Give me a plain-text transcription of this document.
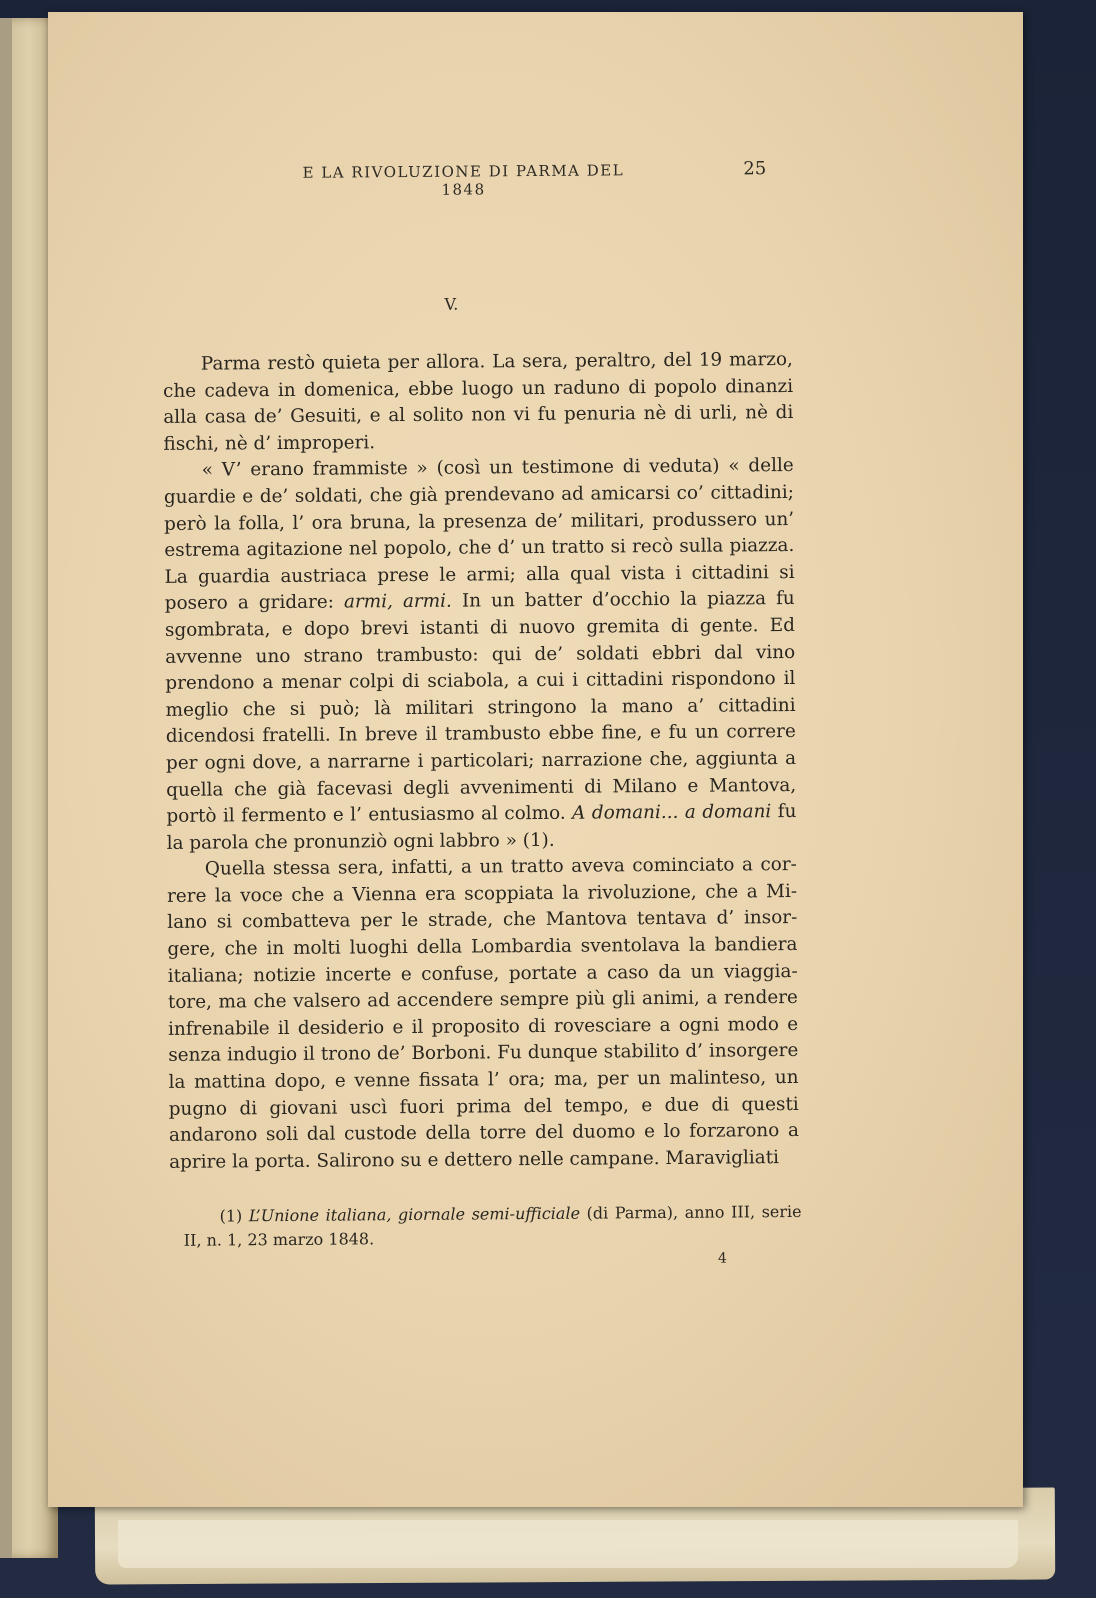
E LA RIVOLUZIONE DI PARMA DEL 1848
25
V.

Parma restò quieta per allora. La sera, peraltro, del 19 marzo, che cadeva in domenica, ebbe luogo un raduno di popolo dinanzi alla casa de’ Gesuiti, e al solito non vi fu penuria nè di urli, nè di fischi, nè d’ improperi.

« V’ erano frammiste » (così un testimone di veduta) « delle guardie e de’ soldati, che già prendevano ad amicarsi co’ cittadini; però la folla, l’ ora bruna, la presenza de’ militari, produssero un’ estrema agitazione nel popolo, che d’ un tratto si recò sulla piazza. La guardia austriaca prese le armi; alla qual vista i cittadini si posero a gridare: armi, armi. In un batter d’occhio la piazza fu sgombrata, e dopo brevi istanti di nuovo gremita di gente. Ed avvenne uno strano trambusto: qui de’ soldati ebbri dal vino prendono a menar colpi di sciabola, a cui i cittadini rispondono il meglio che si può; là militari stringono la mano a’ cittadini dicendosi fratelli. In breve il trambusto ebbe fine, e fu un correre per ogni dove, a narrarne i particolari; narrazione che, aggiunta a quella che già facevasi degli avvenimenti di Milano e Mantova, portò il fermento e l’ entusiasmo al colmo. A domani... a domani fu la parola che pronunziò ogni labbro » (1).

Quella stessa sera, infatti, a un tratto aveva cominciato a correre la voce che a Vienna era scoppiata la rivoluzione, che a Milano si combatteva per le strade, che Mantova tentava d’ insorgere, che in molti luoghi della Lombardia sventolava la bandiera italiana; notizie incerte e confuse, portate a caso da un viaggiatore, ma che valsero ad accendere sempre più gli animi, a rendere infrenabile il desiderio e il proposito di rovesciare a ogni modo e senza indugio il trono de’ Borboni. Fu dunque stabilito d’ insorgere la mattina dopo, e venne fissata l’ ora; ma, per un malinteso, un pugno di giovani uscì fuori prima del tempo, e due di questi andarono soli dal custode della torre del duomo e lo forzarono a aprire la porta. Salirono su e dettero nelle campane. Maravigliati

(1) L’Unione italiana, giornale semi-ufficiale (di Parma), anno III, serie II, n. 1, 23 marzo 1848.
4
